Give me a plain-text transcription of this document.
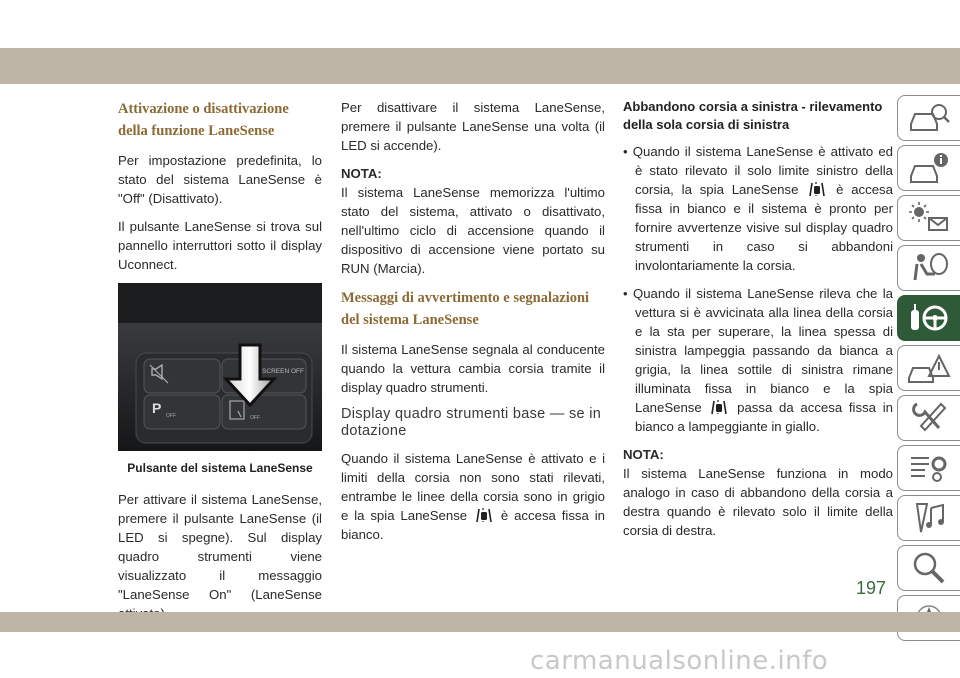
Attivazione o disattivazione della funzione LaneSense

Per impostazione predefinita, lo stato del sistema LaneSense è "Off" (Disattivato).

Il pulsante LaneSense si trova sul pannello interruttori sotto il display Uconnect.

SCREEN OFF
P OFF	OFF
Pulsante del sistema LaneSense

Per attivare il sistema LaneSense, premere il pulsante LaneSense (il LED si spegne). Sul display quadro strumenti viene visualizzato il messaggio "LaneSense On" (LaneSense

Per disattivare il sistema LaneSense, premere il pulsante LaneSense una volta (il LED si accende).

NOTA:

Il sistema LaneSense memorizza l'ultimo stato del sistema, attivato o disattivato, nell'ultimo ciclo di accensione quando il dispositivo di accensione viene portato su RUN (Marcia).

Messaggi di avvertimento e segnalazioni del sistema LaneSense

Il sistema LaneSense segnala al conducente quando la vettura cambia corsia tramite il display quadro strumenti.

Display quadro strumenti base — se in dotazione

Quando il sistema LaneSense è attivato e i limiti della corsia non sono stati rilevati, entrambe le linee della corsia sono in grigio e la spia LaneSense	è accesa fissa in bianco.

Abbandono corsia a sinistra - rilevamento della sola corsia di sinistra

• Quando il sistema LaneSense è attivato ed è stato rilevato il solo limite sinistro della corsia, la spia LaneSense	è accesa fissa in bianco e il sistema è pronto per fornire avvertenze visive sul display quadro strumenti in caso si abbandoni involontariamente la corsia.

• Quando il sistema LaneSense rileva che la vettura si è avvicinata alla linea della corsia e la sta per superare, la linea spessa di sinistra lampeggia passando da bianca a grigia, la linea sottile di sinistra rimane illuminata fissa in bianco e la spia LaneSense	passa da accesa fissa in bianco a lampeggiante in giallo.

NOTA:

Il sistema LaneSense funziona in modo analogo in caso di abbandono della corsia a destra quando è rilevato solo il limite della corsia di destra.

197
carmanualsonline.info
